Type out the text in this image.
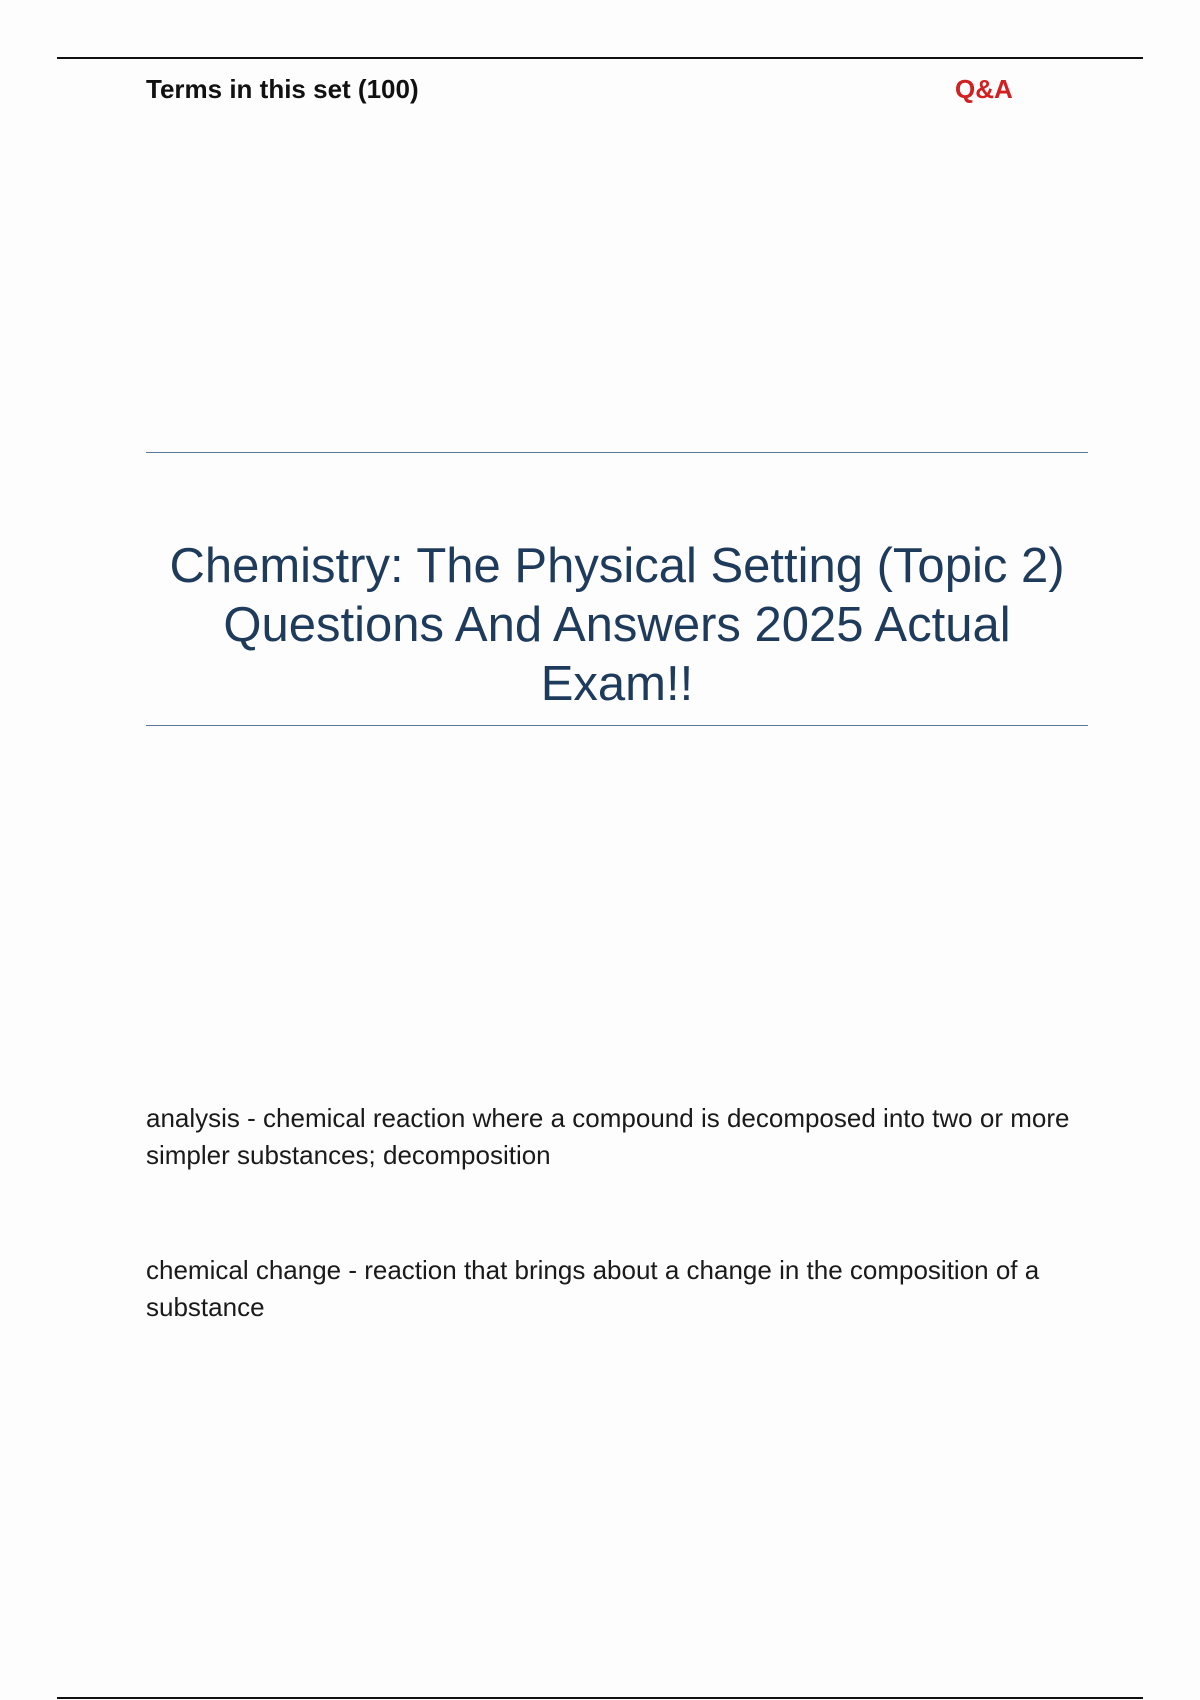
Terms in this set (100)	Q&A
Chemistry: The Physical Setting (Topic 2) Questions And Answers 2025 Actual Exam!!
analysis - chemical reaction where a compound is decomposed into two or more simpler substances; decomposition
chemical change - reaction that brings about a change in the composition of a substance
